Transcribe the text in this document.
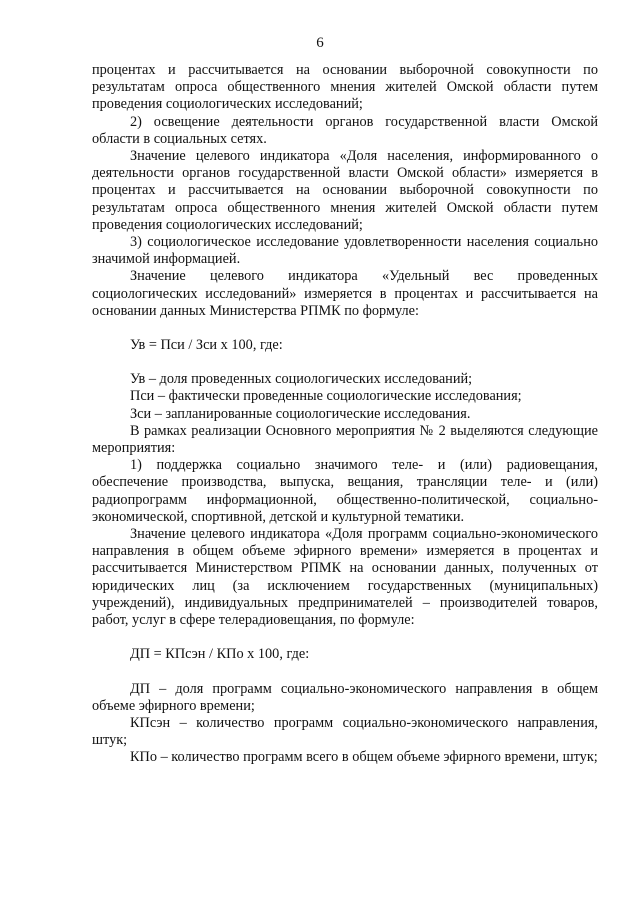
6

процентах и рассчитывается на основании выборочной совокупности по результатам опроса общественного мнения жителей Омской области путем проведения социологических исследований;

2) освещение деятельности органов государственной власти Омской области в социальных сетях.

Значение целевого индикатора «Доля населения, информированного о деятельности органов государственной власти Омской области» измеряется в процентах и рассчитывается на основании выборочной совокупности по результатам опроса общественного мнения жителей Омской области путем проведения социологических исследований;

3) социологическое исследование удовлетворенности населения социально значимой информацией.

Значение целевого индикатора «Удельный вес проведенных социологических исследований» измеряется в процентах и рассчитывается на основании данных Министерства РПМК по формуле:

Ув = Пси / Зси х 100, где:

Ув – доля проведенных социологических исследований;

Пси – фактически проведенные социологические исследования;

Зси – запланированные социологические исследования.

В рамках реализации Основного мероприятия № 2 выделяются следующие мероприятия:

1) поддержка социально значимого теле- и (или) радиовещания, обеспечение производства, выпуска, вещания, трансляции теле- и (или) радиопрограмм информационной, общественно-политической, социально-экономической, спортивной, детской и культурной тематики.

Значение целевого индикатора «Доля программ социально-экономического направления в общем объеме эфирного времени» измеряется в процентах и рассчитывается Министерством РПМК на основании данных, полученных от юридических лиц (за исключением государственных (муниципальных) учреждений), индивидуальных предпринимателей – производителей товаров, работ, услуг в сфере телерадиовещания, по формуле:

ДП = КПсэн / КПо х 100, где:

ДП – доля программ социально-экономического направления в общем объеме эфирного времени;

КПсэн – количество программ социально-экономического направления, штук;

КПо – количество программ всего в общем объеме эфирного времени, штук;
